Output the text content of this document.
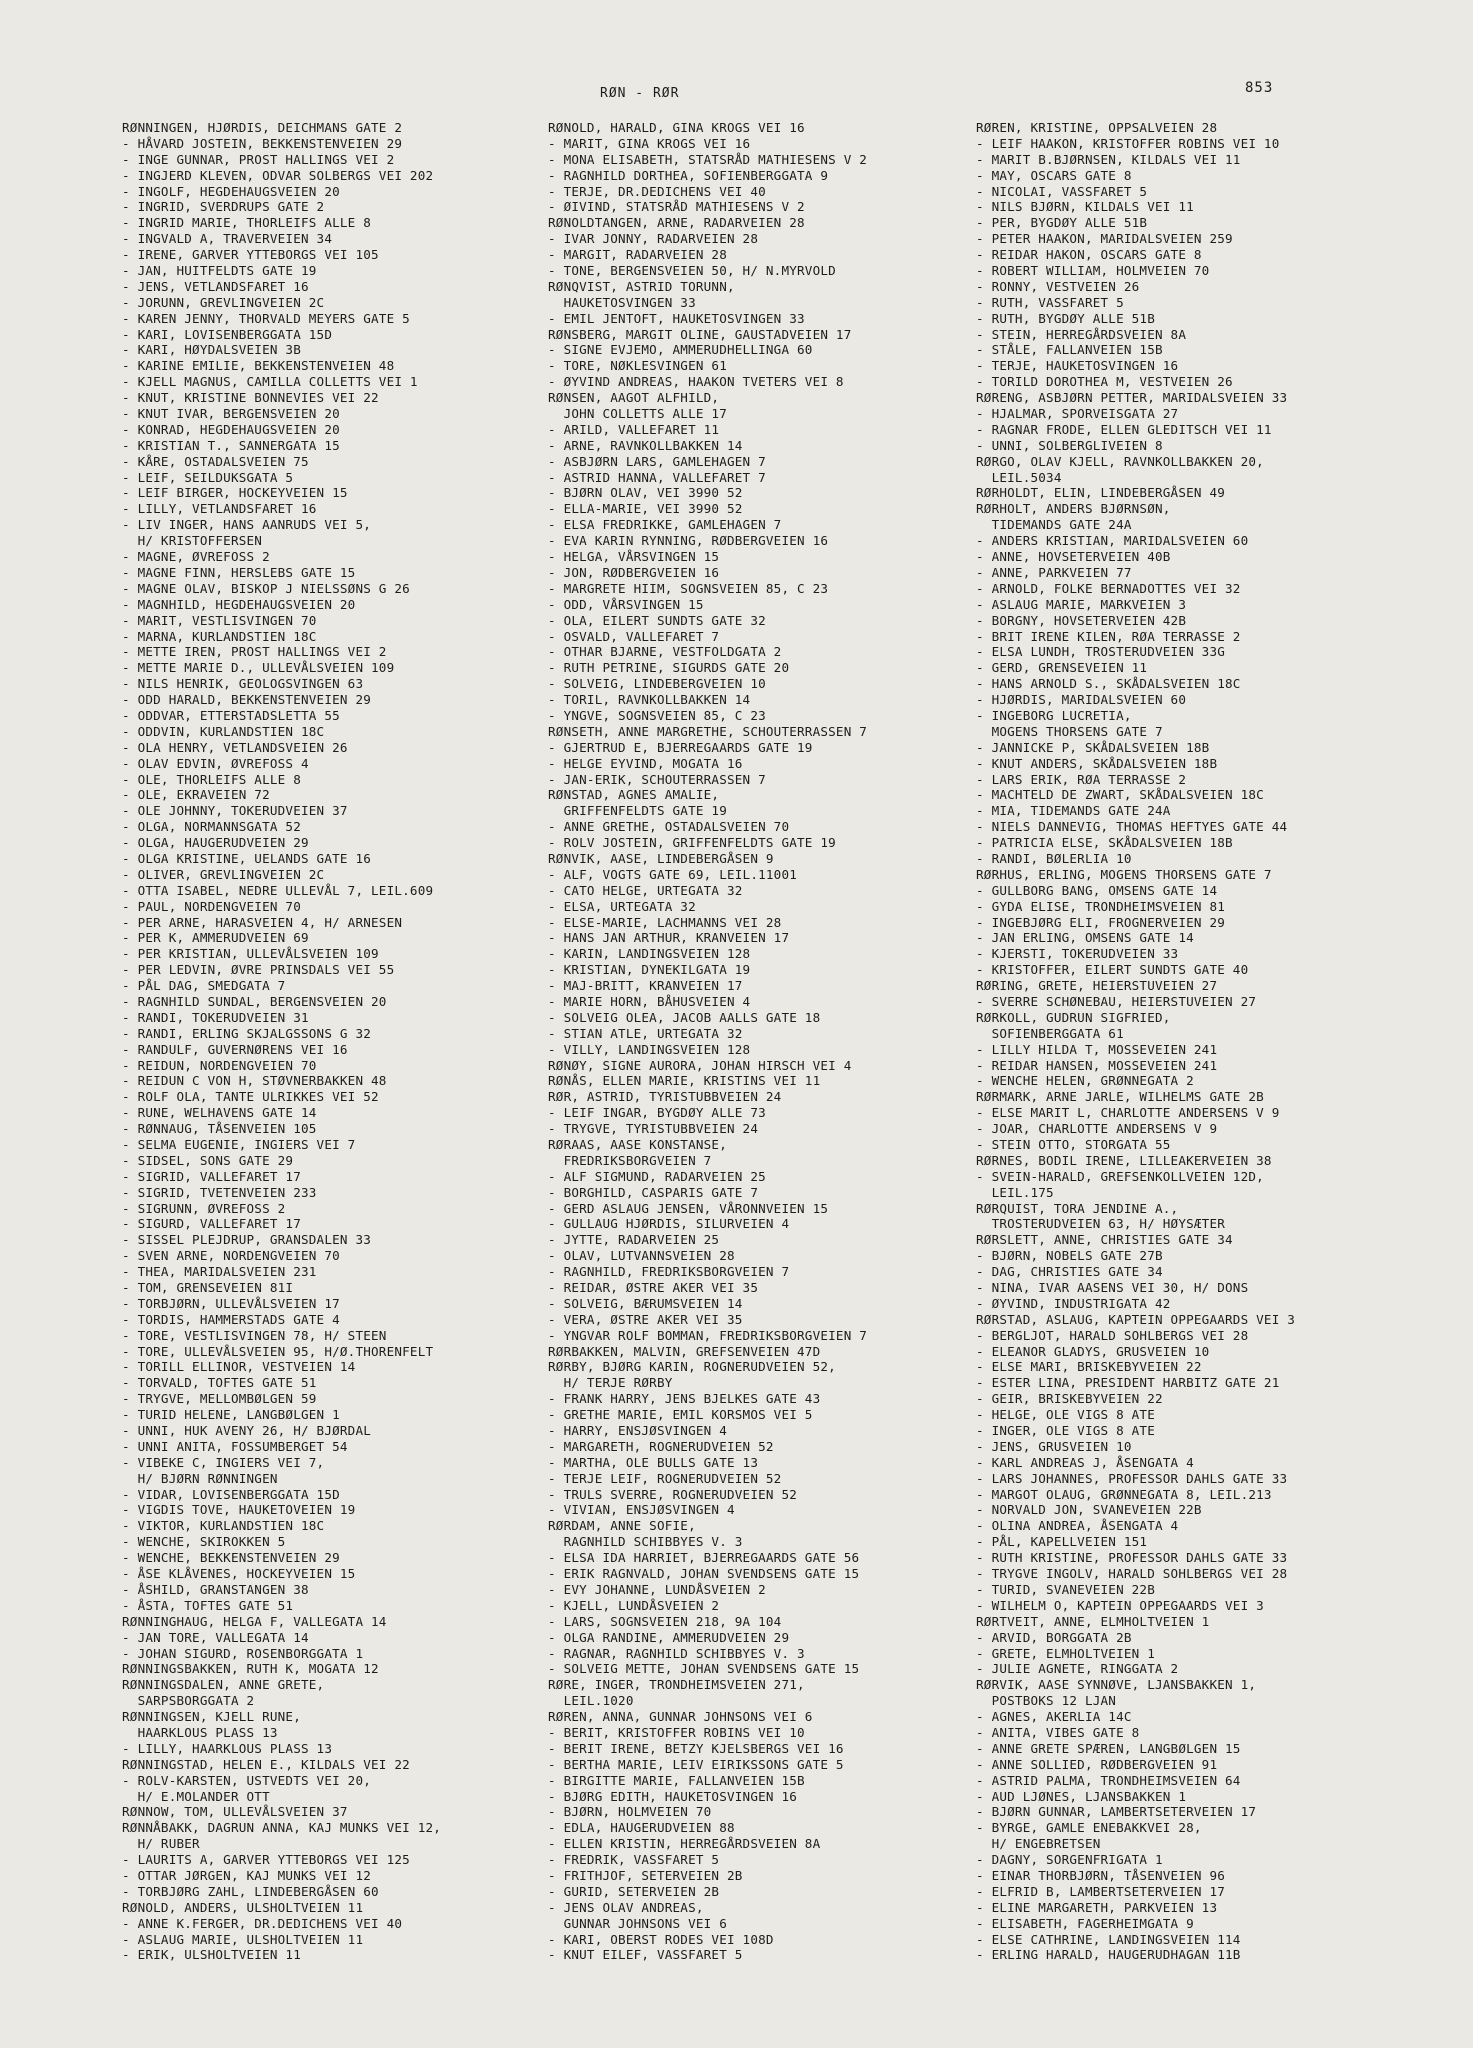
RØN - RØR	853
RØNNINGEN, HJØRDIS, DEICHMANS GATE 2
- HÅVARD JOSTEIN, BEKKENSTENVEIEN 29
- INGE GUNNAR, PROST HALLINGS VEI 2
- INGJERD KLEVEN, ODVAR SOLBERGS VEI 202
- INGOLF, HEGDEHAUGSVEIEN 20
- INGRID, SVERDRUPS GATE 2
- INGRID MARIE, THORLEIFS ALLE 8
- INGVALD A, TRAVERVEIEN 34
- IRENE, GARVER YTTEBORGS VEI 105
- JAN, HUITFELDTS GATE 19
- JENS, VETLANDSFARET 16
- JORUNN, GREVLINGVEIEN 2C
- KAREN JENNY, THORVALD MEYERS GATE 5
- KARI, LOVISENBERGGATA 15D
- KARI, HØYDALSVEIEN 3B
- KARINE EMILIE, BEKKENSTENVEIEN 48
- KJELL MAGNUS, CAMILLA COLLETTS VEI 1
- KNUT, KRISTINE BONNEVIES VEI 22
- KNUT IVAR, BERGENSVEIEN 20
- KONRAD, HEGDEHAUGSVEIEN 20
- KRISTIAN T., SANNERGATA 15
- KÅRE, OSTADALSVEIEN 75
- LEIF, SEILDUKSGATA 5
- LEIF BIRGER, HOCKEYVEIEN 15
- LILLY, VETLANDSFARET 16
- LIV INGER, HANS AANRUDS VEI 5,
H/ KRISTOFFERSEN
- MAGNE, ØVREFOSS 2
- MAGNE FINN, HERSLEBS GATE 15
- MAGNE OLAV, BISKOP J NIELSSØNS G 26
- MAGNHILD, HEGDEHAUGSVEIEN 20
- MARIT, VESTLISVINGEN 70
- MARNA, KURLANDSTIEN 18C
- METTE IREN, PROST HALLINGS VEI 2
- METTE MARIE D., ULLEVÅLSVEIEN 109
- NILS HENRIK, GEOLOGSVINGEN 63
- ODD HARALD, BEKKENSTENVEIEN 29
- ODDVAR, ETTERSTADSLETTA 55
- ODDVIN, KURLANDSTIEN 18C
- OLA HENRY, VETLANDSVEIEN 26
- OLAV EDVIN, ØVREFOSS 4
- OLE, THORLEIFS ALLE 8
- OLE, EKRAVEIEN 72
- OLE JOHNNY, TOKERUDVEIEN 37
- OLGA, NORMANNSGATA 52
- OLGA, HAUGERUDVEIEN 29
- OLGA KRISTINE, UELANDS GATE 16
- OLIVER, GREVLINGVEIEN 2C
- OTTA ISABEL, NEDRE ULLEVÅL 7, LEIL.609
- PAUL, NORDENGVEIEN 70
- PER ARNE, HARASVEIEN 4, H/ ARNESEN
- PER K, AMMERUDVEIEN 69
- PER KRISTIAN, ULLEVÅLSVEIEN 109
- PER LEDVIN, ØVRE PRINSDALS VEI 55
- PÅL DAG, SMEDGATA 7
- RAGNHILD SUNDAL, BERGENSVEIEN 20
- RANDI, TOKERUDVEIEN 31
- RANDI, ERLING SKJALGSSONS G 32
- RANDULF, GUVERNØRENS VEI 16
- REIDUN, NORDENGVEIEN 70
- REIDUN C VON H, STØVNERBAKKEN 48
- ROLF OLA, TANTE ULRIKKES VEI 52
- RUNE, WELHAVENS GATE 14
- RØNNAUG, TÅSENVEIEN 105
- SELMA EUGENIE, INGIERS VEI 7
- SIDSEL, SONS GATE 29
- SIGRID, VALLEFARET 17
- SIGRID, TVETENVEIEN 233
- SIGRUNN, ØVREFOSS 2
- SIGURD, VALLEFARET 17
- SISSEL PLEJDRUP, GRANSDALEN 33
- SVEN ARNE, NORDENGVEIEN 70
- THEA, MARIDALSVEIEN 231
- TOM, GRENSEVEIEN 81I
- TORBJØRN, ULLEVÅLSVEIEN 17
- TORDIS, HAMMERSTADS GATE 4
- TORE, VESTLISVINGEN 78, H/ STEEN
- TORE, ULLEVÅLSVEIEN 95, H/Ø.THORENFELT
- TORILL ELLINOR, VESTVEIEN 14
- TORVALD, TOFTES GATE 51
- TRYGVE, MELLOMBØLGEN 59
- TURID HELENE, LANGBØLGEN 1
- UNNI, HUK AVENY 26, H/ BJØRDAL
- UNNI ANITA, FOSSUMBERGET 54
- VIBEKE C, INGIERS VEI 7,
H/ BJØRN RØNNINGEN
- VIDAR, LOVISENBERGGATA 15D
- VIGDIS TOVE, HAUKETOVEIEN 19
- VIKTOR, KURLANDSTIEN 18C
- WENCHE, SKIROKKEN 5
- WENCHE, BEKKENSTENVEIEN 29
- ÅSE KLÅVENES, HOCKEYVEIEN 15
- ÅSHILD, GRANSTANGEN 38
- ÅSTA, TOFTES GATE 51
RØNNINGHAUG, HELGA F, VALLEGATA 14
- JAN TORE, VALLEGATA 14
- JOHAN SIGURD, ROSENBORGGATA 1
RØNNINGSBAKKEN, RUTH K, MOGATA 12
RØNNINGSDALEN, ANNE GRETE,
SARPSBORGGATA 2
RØNNINGSEN, KJELL RUNE,
HAARKLOUS PLASS 13
- LILLY, HAARKLOUS PLASS 13
RØNNINGSTAD, HELEN E., KILDALS VEI 22
- ROLV-KARSTEN, USTVEDTS VEI 20,
H/ E.MOLANDER OTT
RØNNOW, TOM, ULLEVÅLSVEIEN 37
RØNNÅBAKK, DAGRUN ANNA, KAJ MUNKS VEI 12,
H/ RUBER
- LAURITS A, GARVER YTTEBORGS VEI 125
- OTTAR JØRGEN, KAJ MUNKS VEI 12
- TORBJØRG ZAHL, LINDEBERGÅSEN 60
RØNOLD, ANDERS, ULSHOLTVEIEN 11
- ANNE K.FERGER, DR.DEDICHENS VEI 40
- ASLAUG MARIE, ULSHOLTVEIEN 11
- ERIK, ULSHOLTVEIEN 11
RØNOLD, HARALD, GINA KROGS VEI 16
- MARIT, GINA KROGS VEI 16
- MONA ELISABETH, STATSRÅD MATHIESENS V 2
- RAGNHILD DORTHEA, SOFIENBERGGATA 9
- TERJE, DR.DEDICHENS VEI 40
- ØIVIND, STATSRÅD MATHIESENS V 2
RØNOLDTANGEN, ARNE, RADARVEIEN 28
- IVAR JONNY, RADARVEIEN 28
- MARGIT, RADARVEIEN 28
- TONE, BERGENSVEIEN 50, H/ N.MYRVOLD
RØNQVIST, ASTRID TORUNN,
HAUKETOSVINGEN 33
- EMIL JENTOFT, HAUKETOSVINGEN 33
RØNSBERG, MARGIT OLINE, GAUSTADVEIEN 17
- SIGNE EVJEMO, AMMERUDHELLINGA 60
- TORE, NØKLESVINGEN 61
- ØYVIND ANDREAS, HAAKON TVETERS VEI 8
RØNSEN, AAGOT ALFHILD,
JOHN COLLETTS ALLE 17
- ARILD, VALLEFARET 11
- ARNE, RAVNKOLLBAKKEN 14
- ASBJØRN LARS, GAMLEHAGEN 7
- ASTRID HANNA, VALLEFARET 7
- BJØRN OLAV, VEI 3990 52
- ELLA-MARIE, VEI 3990 52
- ELSA FREDRIKKE, GAMLEHAGEN 7
- EVA KARIN RYNNING, RØDBERGVEIEN 16
- HELGA, VÅRSVINGEN 15
- JON, RØDBERGVEIEN 16
- MARGRETE HIIM, SOGNSVEIEN 85, C 23
- ODD, VÅRSVINGEN 15
- OLA, EILERT SUNDTS GATE 32
- OSVALD, VALLEFARET 7
- OTHAR BJARNE, VESTFOLDGATA 2
- RUTH PETRINE, SIGURDS GATE 20
- SOLVEIG, LINDEBERGVEIEN 10
- TORIL, RAVNKOLLBAKKEN 14
- YNGVE, SOGNSVEIEN 85, C 23
RØNSETH, ANNE MARGRETHE, SCHOUTERRASSEN 7
- GJERTRUD E, BJERREGAARDS GATE 19
- HELGE EYVIND, MOGATA 16
- JAN-ERIK, SCHOUTERRASSEN 7
RØNSTAD, AGNES AMALIE,
GRIFFENFELDTS GATE 19
- ANNE GRETHE, OSTADALSVEIEN 70
- ROLV JOSTEIN, GRIFFENFELDTS GATE 19
RØNVIK, AASE, LINDEBERGÅSEN 9
- ALF, VOGTS GATE 69, LEIL.11001
- CATO HELGE, URTEGATA 32
- ELSA, URTEGATA 32
- ELSE-MARIE, LACHMANNS VEI 28
- HANS JAN ARTHUR, KRANVEIEN 17
- KARIN, LANDINGSVEIEN 128
- KRISTIAN, DYNEKILGATA 19
- MAJ-BRITT, KRANVEIEN 17
- MARIE HORN, BÅHUSVEIEN 4
- SOLVEIG OLEA, JACOB AALLS GATE 18
- STIAN ATLE, URTEGATA 32
- VILLY, LANDINGSVEIEN 128
RØNØY, SIGNE AURORA, JOHAN HIRSCH VEI 4
RØNÅS, ELLEN MARIE, KRISTINS VEI 11
RØR, ASTRID, TYRISTUBBVEIEN 24
- LEIF INGAR, BYGDØY ALLE 73
- TRYGVE, TYRISTUBBVEIEN 24
RØRAAS, AASE KONSTANSE,
FREDRIKSBORGVEIEN 7
- ALF SIGMUND, RADARVEIEN 25
- BORGHILD, CASPARIS GATE 7
- GERD ASLAUG JENSEN, VÅRONNVEIEN 15
- GULLAUG HJØRDIS, SILURVEIEN 4
- JYTTE, RADARVEIEN 25
- OLAV, LUTVANNSVEIEN 28
- RAGNHILD, FREDRIKSBORGVEIEN 7
- REIDAR, ØSTRE AKER VEI 35
- SOLVEIG, BÆRUMSVEIEN 14
- VERA, ØSTRE AKER VEI 35
- YNGVAR ROLF BOMMAN, FREDRIKSBORGVEIEN 7
RØRBAKKEN, MALVIN, GREFSENVEIEN 47D
RØRBY, BJØRG KARIN, ROGNERUDVEIEN 52,
H/ TERJE RØRBY
- FRANK HARRY, JENS BJELKES GATE 43
- GRETHE MARIE, EMIL KORSMOS VEI 5
- HARRY, ENSJØSVINGEN 4
- MARGARETH, ROGNERUDVEIEN 52
- MARTHA, OLE BULLS GATE 13
- TERJE LEIF, ROGNERUDVEIEN 52
- TRULS SVERRE, ROGNERUDVEIEN 52
- VIVIAN, ENSJØSVINGEN 4
RØRDAM, ANNE SOFIE,
RAGNHILD SCHIBBYES V. 3
- ELSA IDA HARRIET, BJERREGAARDS GATE 56
- ERIK RAGNVALD, JOHAN SVENDSENS GATE 15
- EVY JOHANNE, LUNDÅSVEIEN 2
- KJELL, LUNDÅSVEIEN 2
- LARS, SOGNSVEIEN 218, 9A 104
- OLGA RANDINE, AMMERUDVEIEN 29
- RAGNAR, RAGNHILD SCHIBBYES V. 3
- SOLVEIG METTE, JOHAN SVENDSENS GATE 15
RØRE, INGER, TRONDHEIMSVEIEN 271,
LEIL.1020
RØREN, ANNA, GUNNAR JOHNSONS VEI 6
- BERIT, KRISTOFFER ROBINS VEI 10
- BERIT IRENE, BETZY KJELSBERGS VEI 16
- BERTHA MARIE, LEIV EIRIKSSONS GATE 5
- BIRGITTE MARIE, FALLANVEIEN 15B
- BJØRG EDITH, HAUKETOSVINGEN 16
- BJØRN, HOLMVEIEN 70
- EDLA, HAUGERUDVEIEN 88
- ELLEN KRISTIN, HERREGÅRDSVEIEN 8A
- FREDRIK, VASSFARET 5
- FRITHJOF, SETERVEIEN 2B
- GURID, SETERVEIEN 2B
- JENS OLAV ANDREAS,
GUNNAR JOHNSONS VEI 6
- KARI, OBERST RODES VEI 108D
- KNUT EILEF, VASSFARET 5
RØREN, KRISTINE, OPPSALVEIEN 28
- LEIF HAAKON, KRISTOFFER ROBINS VEI 10
- MARIT B.BJØRNSEN, KILDALS VEI 11
- MAY, OSCARS GATE 8
- NICOLAI, VASSFARET 5
- NILS BJØRN, KILDALS VEI 11
- PER, BYGDØY ALLE 51B
- PETER HAAKON, MARIDALSVEIEN 259
- REIDAR HAKON, OSCARS GATE 8
- ROBERT WILLIAM, HOLMVEIEN 70
- RONNY, VESTVEIEN 26
- RUTH, VASSFARET 5
- RUTH, BYGDØY ALLE 51B
- STEIN, HERREGÅRDSVEIEN 8A
- STÅLE, FALLANVEIEN 15B
- TERJE, HAUKETOSVINGEN 16
- TORILD DOROTHEA M, VESTVEIEN 26
RØRENG, ASBJØRN PETTER, MARIDALSVEIEN 33
- HJALMAR, SPORVEISGATA 27
- RAGNAR FRODE, ELLEN GLEDITSCH VEI 11
- UNNI, SOLBERGLIVEIEN 8
RØRGO, OLAV KJELL, RAVNKOLLBAKKEN 20,
LEIL.5034
RØRHOLDT, ELIN, LINDEBERGÅSEN 49
RØRHOLT, ANDERS BJØRNSØN,
TIDEMANDS GATE 24A
- ANDERS KRISTIAN, MARIDALSVEIEN 60
- ANNE, HOVSETERVEIEN 40B
- ANNE, PARKVEIEN 77
- ARNOLD, FOLKE BERNADOTTES VEI 32
- ASLAUG MARIE, MARKVEIEN 3
- BORGNY, HOVSETERVEIEN 42B
- BRIT IRENE KILEN, RØA TERRASSE 2
- ELSA LUNDH, TROSTERUDVEIEN 33G
- GERD, GRENSEVEIEN 11
- HANS ARNOLD S., SKÅDALSVEIEN 18C
- HJØRDIS, MARIDALSVEIEN 60
- INGEBORG LUCRETIA,
MOGENS THORSENS GATE 7
- JANNICKE P, SKÅDALSVEIEN 18B
- KNUT ANDERS, SKÅDALSVEIEN 18B
- LARS ERIK, RØA TERRASSE 2
- MACHTELD DE ZWART, SKÅDALSVEIEN 18C
- MIA, TIDEMANDS GATE 24A
- NIELS DANNEVIG, THOMAS HEFTYES GATE 44
- PATRICIA ELSE, SKÅDALSVEIEN 18B
- RANDI, BØLERLIA 10
RØRHUS, ERLING, MOGENS THORSENS GATE 7
- GULLBORG BANG, OMSENS GATE 14
- GYDA ELISE, TRONDHEIMSVEIEN 81
- INGEBJØRG ELI, FROGNERVEIEN 29
- JAN ERLING, OMSENS GATE 14
- KJERSTI, TOKERUDVEIEN 33
- KRISTOFFER, EILERT SUNDTS GATE 40
RØRING, GRETE, HEIERSTUVEIEN 27
- SVERRE SCHØNEBAU, HEIERSTUVEIEN 27
RØRKOLL, GUDRUN SIGFRIED,
SOFIENBERGGATA 61
- LILLY HILDA T, MOSSEVEIEN 241
- REIDAR HANSEN, MOSSEVEIEN 241
- WENCHE HELEN, GRØNNEGATA 2
RØRMARK, ARNE JARLE, WILHELMS GATE 2B
- ELSE MARIT L, CHARLOTTE ANDERSENS V 9
- JOAR, CHARLOTTE ANDERSENS V 9
- STEIN OTTO, STORGATA 55
RØRNES, BODIL IRENE, LILLEAKERVEIEN 38
- SVEIN-HARALD, GREFSENKOLLVEIEN 12D,
LEIL.175
RØRQUIST, TORA JENDINE A.,
TROSTERUDVEIEN 63, H/ HØYSÆTER
RØRSLETT, ANNE, CHRISTIES GATE 34
- BJØRN, NOBELS GATE 27B
- DAG, CHRISTIES GATE 34
- NINA, IVAR AASENS VEI 30, H/ DONS
- ØYVIND, INDUSTRIGATA 42
RØRSTAD, ASLAUG, KAPTEIN OPPEGAARDS VEI 3
- BERGLJOT, HARALD SOHLBERGS VEI 28
- ELEANOR GLADYS, GRUSVEIEN 10
- ELSE MARI, BRISKEBYVEIEN 22
- ESTER LINA, PRESIDENT HARBITZ GATE 21
- GEIR, BRISKEBYVEIEN 22
- HELGE, OLE VIGS 8 ATE
- INGER, OLE VIGS 8 ATE
- JENS, GRUSVEIEN 10
- KARL ANDREAS J, ÅSENGATA 4
- LARS JOHANNES, PROFESSOR DAHLS GATE 33
- MARGOT OLAUG, GRØNNEGATA 8, LEIL.213
- NORVALD JON, SVANEVEIEN 22B
- OLINA ANDREA, ÅSENGATA 4
- PÅL, KAPELLVEIEN 151
- RUTH KRISTINE, PROFESSOR DAHLS GATE 33
- TRYGVE INGOLV, HARALD SOHLBERGS VEI 28
- TURID, SVANEVEIEN 22B
- WILHELM O, KAPTEIN OPPEGAARDS VEI 3
RØRTVEIT, ANNE, ELMHOLTVEIEN 1
- ARVID, BORGGATA 2B
- GRETE, ELMHOLTVEIEN 1
- JULIE AGNETE, RINGGATA 2
RØRVIK, AASE SYNNØVE, LJANSBAKKEN 1,
POSTBOKS 12 LJAN
- AGNES, AKERLIA 14C
- ANITA, VIBES GATE 8
- ANNE GRETE SPÆREN, LANGBØLGEN 15
- ANNE SOLLIED, RØDBERGVEIEN 91
- ASTRID PALMA, TRONDHEIMSVEIEN 64
- AUD LJØNES, LJANSBAKKEN 1
- BJØRN GUNNAR, LAMBERTSETERVEIEN 17
- BYRGE, GAMLE ENEBAKKVEI 28,
H/ ENGEBRETSEN
- DAGNY, SORGENFRIGATA 1
- EINAR THORBJØRN, TÅSENVEIEN 96
- ELFRID B, LAMBERTSETERVEIEN 17
- ELINE MARGARETH, PARKVEIEN 13
- ELISABETH, FAGERHEIMGATA 9
- ELSE CATHRINE, LANDINGSVEIEN 114
- ERLING HARALD, HAUGERUDHAGAN 11B
